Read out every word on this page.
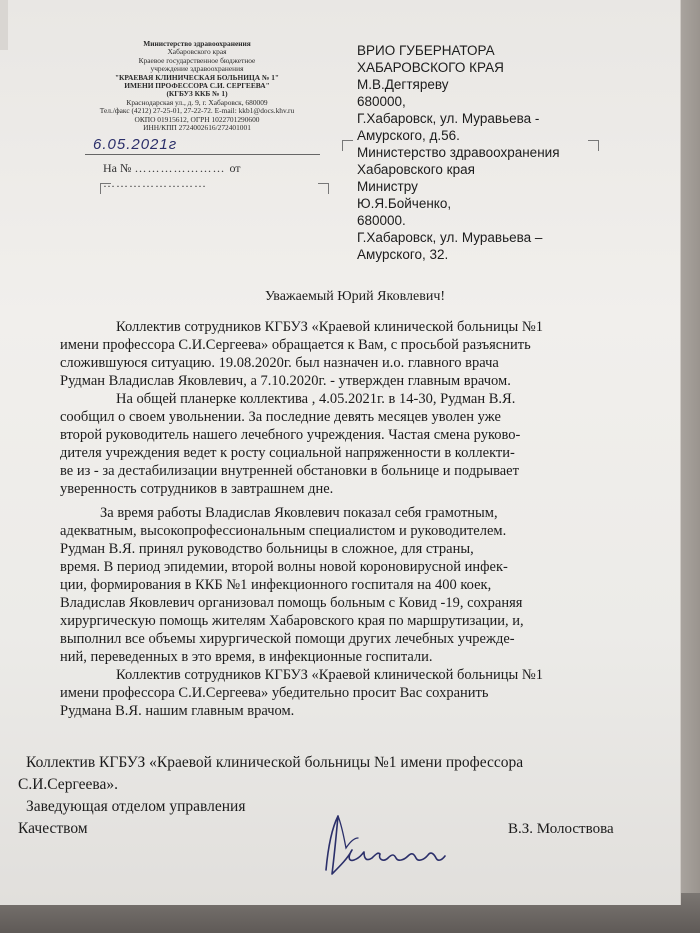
Министерство здравоохранения
Хабаровского края
Краевое государственное бюджетное
учреждение здравоохранения
"КРАЕВАЯ КЛИНИЧЕСКАЯ БОЛЬНИЦА № 1"
ИМЕНИ ПРОФЕССОРА С.И. СЕРГЕЕВА"
(КГБУЗ ККБ № 1)
Краснодарская ул., д. 9, г. Хабаровск, 680009
Тел./факс (4212) 27-25-01, 27-22-72. E-mail: kkb1@docs.khv.ru
ОКПО 01915612, ОГРН 1022701290600
ИНН/КПП 2724002616/272401001
6.05.2021г
На № ………………… от ……………………
ВРИО ГУБЕРНАТОРА
ХАБАРОВСКОГО КРАЯ
М.В.Дегтяреву
680000,
Г.Хабаровск, ул. Муравьева -
Амурского, д.56.
Министерство здравоохранения
Хабаровского края
Министру
Ю.Я.Бойченко,
680000.
Г.Хабаровск, ул. Муравьева –
Амурского, 32.
Уважаемый Юрий Яковлевич!
Коллектив сотрудников КГБУЗ «Краевой клинической больницы №1
имени профессора С.И.Сергеева» обращается к Вам, с просьбой разъяснить
сложившуюся ситуацию. 19.08.2020г. был назначен и.о. главного врача
Рудман Владислав Яковлевич, а 7.10.2020г. - утвержден главным врачом.
На общей планерке коллектива , 4.05.2021г. в 14-30, Рудман В.Я.
сообщил о своем увольнении. За последние девять месяцев уволен уже
второй руководитель нашего лечебного учреждения. Частая смена руково-
дителя учреждения ведет к росту социальной напряженности в коллекти-
ве из - за дестабилизации внутренней обстановки в больнице и подрывает
уверенность сотрудников в завтрашнем дне.
За время работы Владислав Яковлевич показал себя грамотным,
адекватным, высокопрофессиональным специалистом и руководителем.
Рудман В.Я. принял руководство больницы в сложное, для страны,
время. В период эпидемии, второй волны новой короновирусной инфек-
ции, формирования в ККБ №1 инфекционного госпиталя на 400 коек,
Владислав Яковлевич организовал помощь больным с Ковид -19, сохраняя
хирургическую помощь жителям Хабаровского края по маршрутизации, и,
выполнил все объемы хирургической помощи других лечебных учрежде-
ний, переведенных в это время, в инфекционные госпитали.
Коллектив сотрудников КГБУЗ «Краевой клинической больницы №1
имени профессора С.И.Сергеева» убедительно просит Вас сохранить
Рудмана В.Я. нашим главным врачом.
Коллектив КГБУЗ «Краевой клинической больницы №1 имени профессора
С.И.Сергеева».
Заведующая отделом управления
Качеством	В.З. Молоствова
